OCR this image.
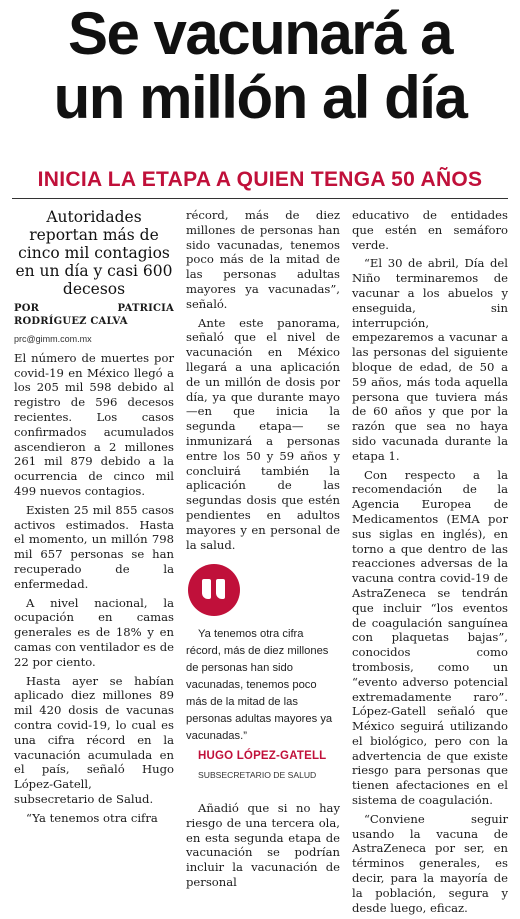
Se vacunará a
un millón al día
INICIA LA ETAPA A QUIEN TENGA 50 AÑOS

Autoridades reportan más de cinco mil contagios en un día y casi 600 decesos

POR PATRICIA RODRÍGUEZ CALVA

prc@gimm.com.mx

El número de muertes por covid-19 en México llegó a los 205 mil 598 debido al registro de 596 decesos recientes. Los casos confirmados acumulados ascendieron a 2 millones 261 mil 879 debido a la ocurrencia de cinco mil 499 nuevos contagios.

Existen 25 mil 855 casos activos estimados. Hasta el momento, un millón 798 mil 657 personas se han recuperado de la enfermedad.

A nivel nacional, la ocupación en camas generales es de 18% y en camas con ventilador es de 22 por ciento.

Hasta ayer se habían aplicado diez millones 89 mil 420 dosis de vacunas contra covid-19, lo cual es una cifra récord en la vacunación acumulada en el país, señaló Hugo López-Gatell, subsecretario de Salud.

“Ya tenemos otra cifra

récord, más de diez millones de personas han sido vacunadas, tenemos poco más de la mitad de las personas adultas mayores ya vacunadas”, señaló.

Ante este panorama, señaló que el nivel de vacunación en México llegará a una aplicación de un millón de dosis por día, ya que durante mayo —en que inicia la segunda etapa— se inmunizará a personas entre los 50 y 59 años y concluirá también la aplicación de las segundas dosis que estén pendientes en adultos mayores y en personal de la salud.

Ya tenemos otra cifra récord, más de diez millones de personas han sido vacunadas, tenemos poco más de la mitad de las personas adultas mayores ya vacunadas.”

HUGO LÓPEZ-GATELL

SUBSECRETARIO DE SALUD

Añadió que si no hay riesgo de una tercera ola, en esta segunda etapa de vacunación se podrían incluir la vacunación de personal

educativo de entidades que estén en semáforo verde.

“El 30 de abril, Día del Niño terminaremos de vacunar a los abuelos y enseguida, sin interrupción, empezaremos a vacunar a las personas del siguiente bloque de edad, de 50 a 59 años, más toda aquella persona que tuviera más de 60 años y que por la razón que sea no haya sido vacunada durante la etapa 1.

Con respecto a la recomendación de la Agencia Europea de Medicamentos (EMA por sus siglas en inglés), en torno a que dentro de las reacciones adversas de la vacuna contra covid-19 de AstraZeneca se tendrán que incluir “los eventos de coagulación sanguínea con plaquetas bajas”, conocidos como trombosis, como un “evento adverso potencial extremadamente raro”. López-Gatell señaló que México seguirá utilizando el biológico, pero con la advertencia de que existe riesgo para personas que tienen afectaciones en el sistema de coagulación.

“Conviene seguir usando la vacuna de AstraZeneca por ser, en términos generales, es decir, para la mayoría de la población, segura y desde luego, eficaz.
